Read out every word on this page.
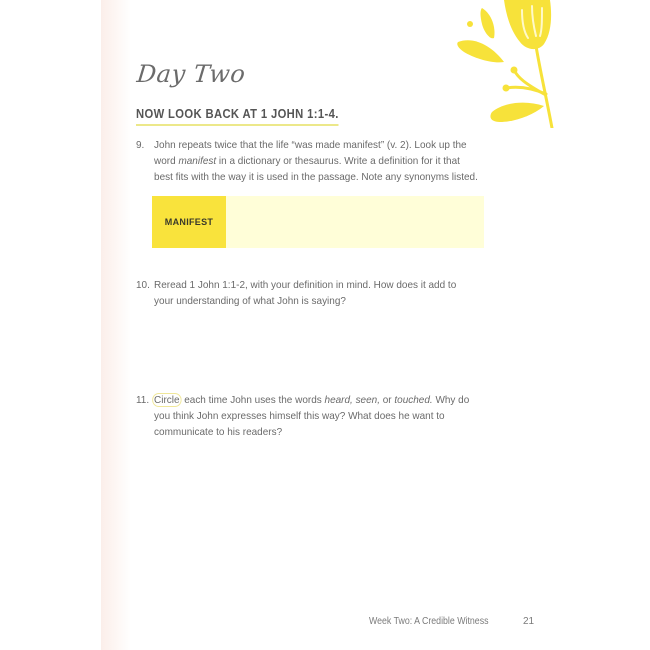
Day Two
NOW LOOK BACK AT 1 JOHN 1:1-4.
9. John repeats twice that the life “was made manifest” (v. 2). Look up the word manifest in a dictionary or thesaurus. Write a definition for it that best fits with the way it is used in the passage. Note any synonyms listed.
MANIFEST
10. Reread 1 John 1:1-2, with your definition in mind. How does it add to your understanding of what John is saying?
11. Circle each time John uses the words heard, seen, or touched. Why do you think John expresses himself this way? What does he want to communicate to his readers?
Week Two: A Credible Witness	21
